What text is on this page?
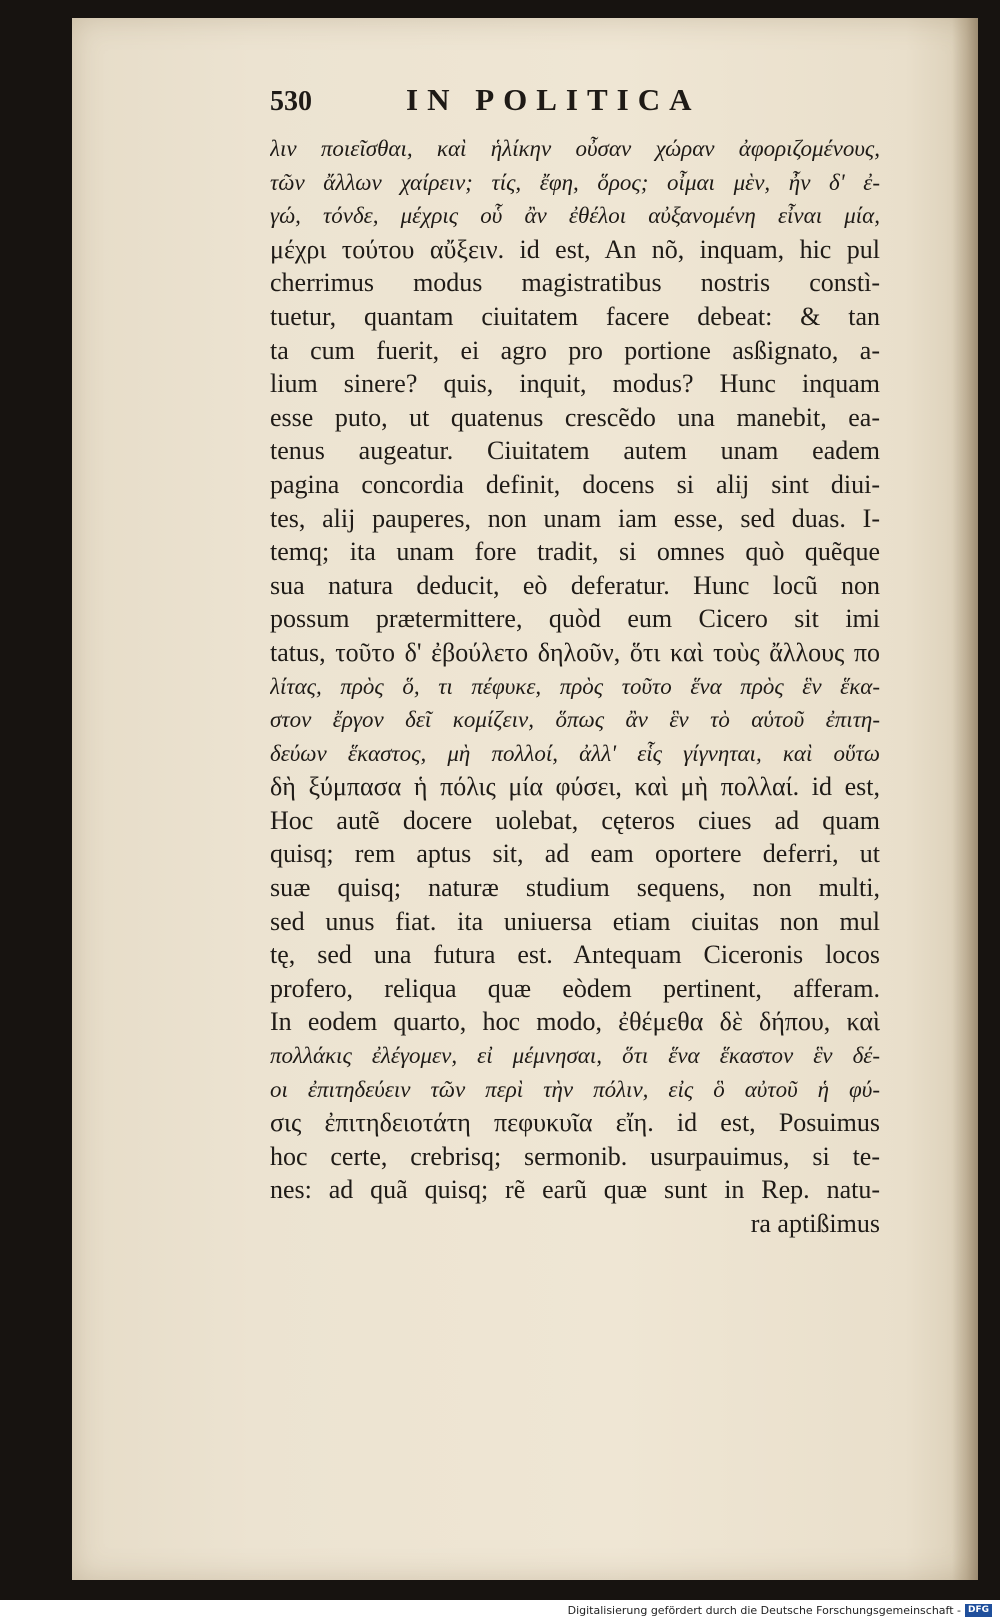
530	IN POLITICA
λιν ποιεῖσθαι, καὶ ἡλίκην οὖσαν χώραν ἀφοριζομένους,
τῶν ἄλλων χαίρειν; τίς, ἔφη, ὅρος; οἶμαι μὲν, ἦν δ' ἐ-
γώ, τόνδε, μέχρις οὗ ἂν ἐθέλοι αὐξανομένη εἶναι μία,
μέχρι τούτου αὔξειν. id est, An nõ, inquam, hic pul
cherrimus modus magistratibus nostris constì-
tuetur, quantam ciuitatem facere debeat: & tan
ta cum fuerit, ei agro pro portione asßignato, a-
lium sinere? quis, inquit, modus? Hunc inquam
esse puto, ut quatenus crescẽdo una manebit, ea-
tenus augeatur. Ciuitatem autem unam eadem
pagina concordia definit, docens si alij sint diui-
tes, alij pauperes, non unam iam esse, sed duas. I-
temq; ita unam fore tradit, si omnes quò quẽque
sua natura deducit, eò deferatur. Hunc locũ non
possum prætermittere, quòd eum Cicero sit imi
tatus, τοῦτο δ' ἐβούλετο δηλοῦν, ὅτι καὶ τοὺς ἄλλους πο
λίτας, πρὸς ὅ, τι πέφυκε, πρὸς τοῦτο ἕνα πρὸς ἓν ἕκα-
στον ἔργον δεῖ κομίζειν, ὅπως ἂν ἓν τὸ αὑτοῦ ἐπιτη-
δεύων ἕκαστος, μὴ πολλοί, ἀλλ' εἷς γίγνηται, καὶ οὕτω
δὴ ξύμπασα ἡ πόλις μία φύσει, καὶ μὴ πολλαί. id est,
Hoc autẽ docere uolebat, cęteros ciues ad quam
quisq; rem aptus sit, ad eam oportere deferri, ut
suæ quisq; naturæ studium sequens, non multi,
sed unus fiat. ita uniuersa etiam ciuitas non mul
tę, sed una futura est. Antequam Ciceronis locos
profero, reliqua quæ eòdem pertinent, afferam.
In eodem quarto, hoc modo, ἐθέμεθα δὲ δήπου, καὶ
πολλάκις ἐλέγομεν, εἰ μέμνησαι, ὅτι ἕνα ἕκαστον ἓν δέ-
οι ἐπιτηδεύειν τῶν περὶ τὴν πόλιν, εἰς ὃ αὐτοῦ ἡ φύ-
σις ἐπιτηδειοτάτη πεφυκυῖα εἴη. id est, Posuimus
hoc certe, crebrisq; sermonib. usurpauimus, si te-
nes: ad quã quisq; rẽ earũ quæ sunt in Rep. natu-
ra aptißimus
Digitalisierung gefördert durch die Deutsche Forschungsgemeinschaft - DFG
